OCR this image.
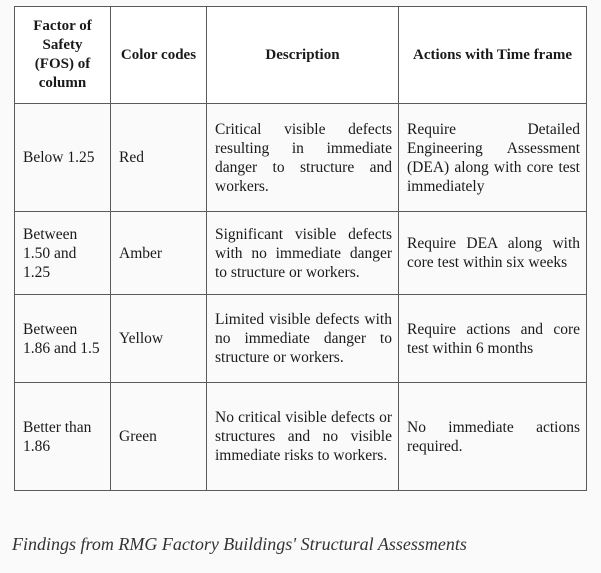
Factor of Safety (FOS) of column	Color codes	Description	Actions with Time frame
Below 1.25	Red	Critical visible defects resulting in immediate danger to structure and workers.	Require Detailed Engineering Assessment (DEA) along with core test immediately
Between 1.50 and 1.25	Amber	Significant visible defects with no immediate danger to structure or workers.	Require DEA along with core test within six weeks
Between 1.86 and 1.5	Yellow	Limited visible defects with no immediate danger to structure or workers.	Require actions and core test within 6 months
Better than 1.86	Green	No critical visible defects or structures and no visible immediate risks to workers.	No immediate actions required.
Findings from RMG Factory Buildings' Structural Assessments
